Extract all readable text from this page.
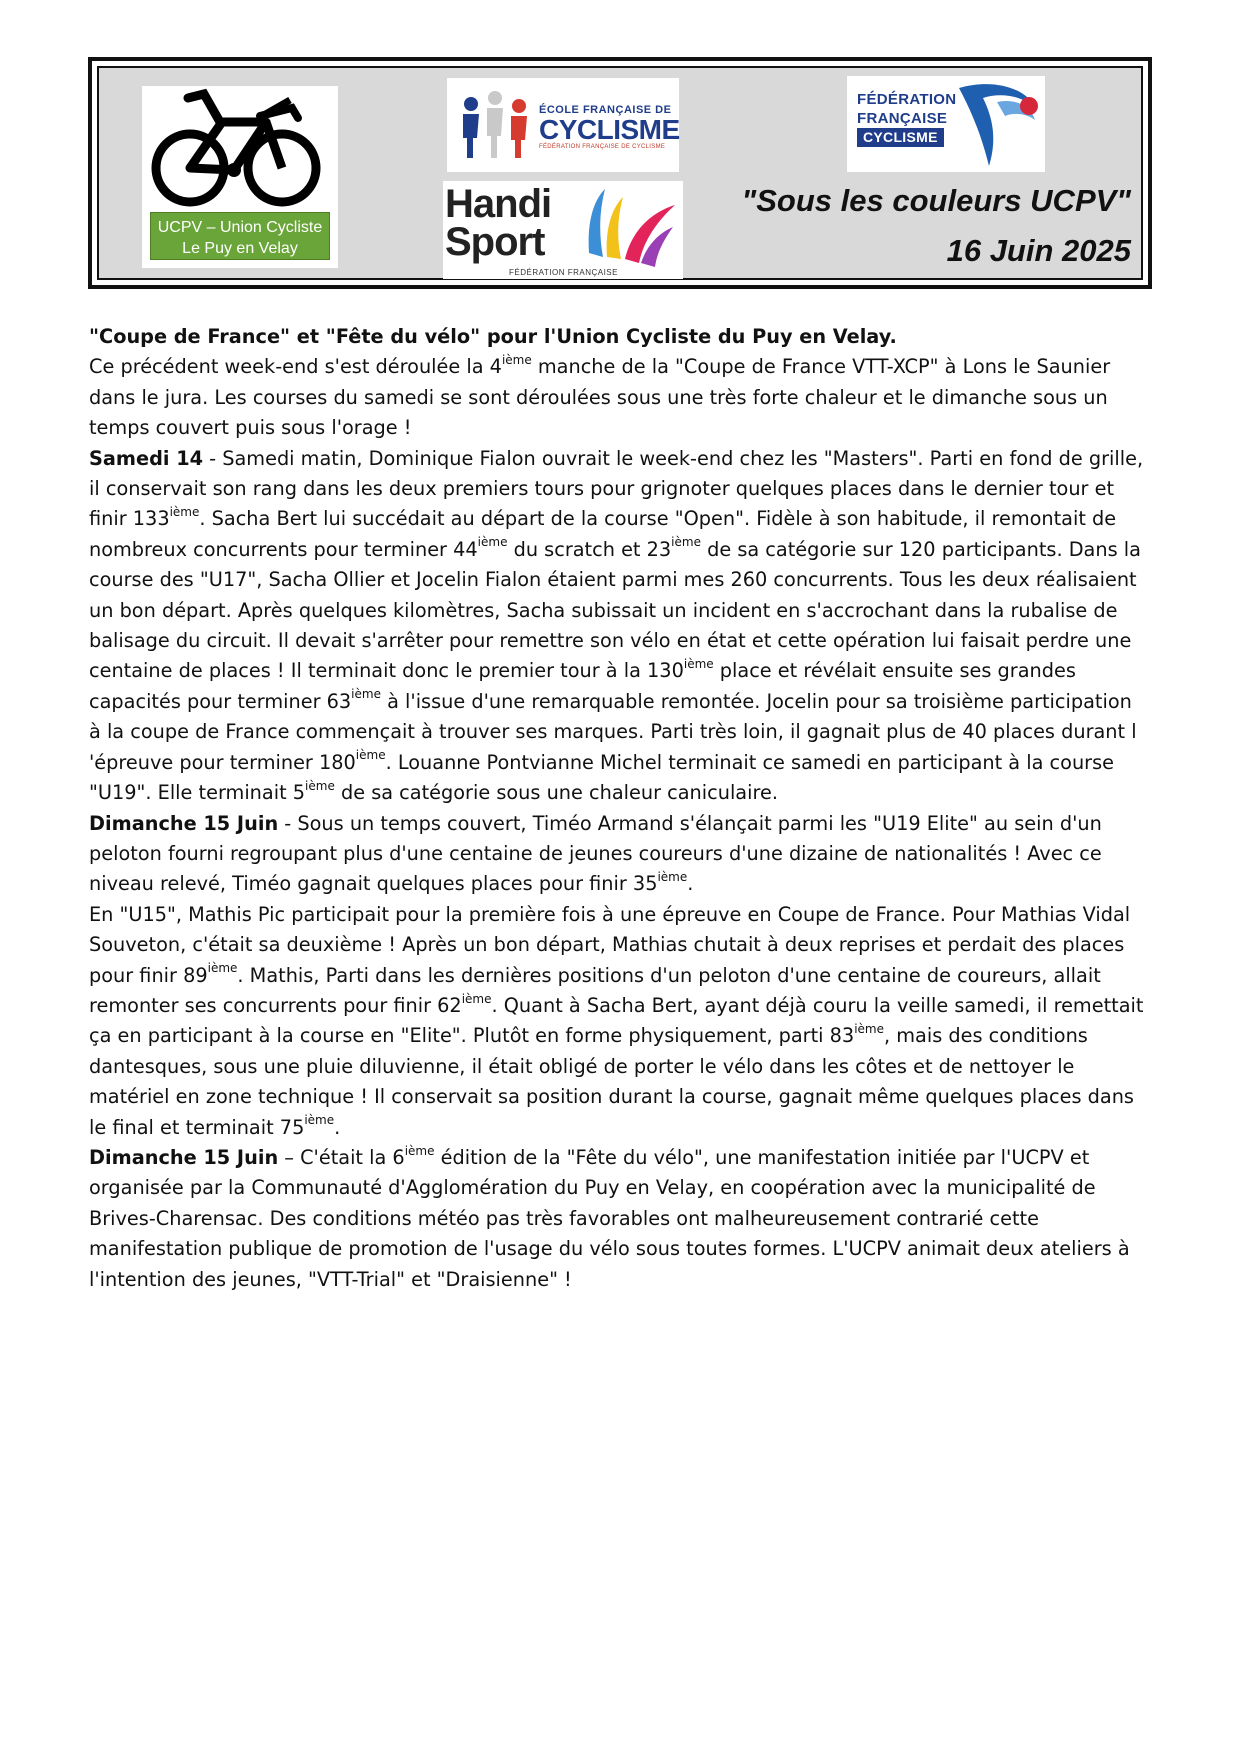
UCPV – Union Cycliste
Le Puy en Velay
ÉCOLE FRANÇAISE DE
CYCLISME
FÉDÉRATION FRANÇAISE DE CYCLISME
Handi
Sport
FÉDÉRATION FRANÇAISE
FÉDÉRATION
FRANÇAISE
CYCLISME
"Sous les couleurs UCPV"
16 Juin 2025

"Coupe de France" et "Fête du vélo" pour l'Union Cycliste du Puy en Velay.

Ce précédent week-end s'est déroulée la 4ième manche de la "Coupe de France VTT-XCP" à Lons le Saunier dans le jura. Les courses du samedi se sont déroulées sous une très forte chaleur et le dimanche sous un temps couvert puis sous l'orage !

Samedi 14 - Samedi matin, Dominique Fialon ouvrait le week-end chez les "Masters". Parti en fond de grille, il conservait son rang dans les deux premiers tours pour grignoter quelques places dans le dernier tour et finir 133ième. Sacha Bert lui succédait au départ de la course "Open". Fidèle à son habitude, il remontait de nombreux concurrents pour terminer 44ième du scratch et 23ième de sa catégorie sur 120 participants. Dans la course des "U17", Sacha Ollier et Jocelin Fialon étaient parmi mes 260 concurrents. Tous les deux réalisaient un bon départ. Après quelques kilomètres, Sacha subissait un incident en s'accrochant dans la rubalise de balisage du circuit. Il devait s'arrêter pour remettre son vélo en état et cette opération lui faisait perdre une centaine de places ! Il terminait donc le premier tour à la 130ième place et révélait ensuite ses grandes capacités pour terminer 63ième à l'issue d'une remarquable remontée. Jocelin pour sa troisième participation à la coupe de France commençait à trouver ses marques. Parti très loin, il gagnait plus de 40 places durant l 'épreuve pour terminer 180ième. Louanne Pontvianne Michel terminait ce samedi en participant à la course "U19". Elle terminait 5ième de sa catégorie sous une chaleur caniculaire.

Dimanche 15 Juin - Sous un temps couvert, Timéo Armand s'élançait parmi les "U19 Elite" au sein d'un peloton fourni regroupant plus d'une centaine de jeunes coureurs d'une dizaine de nationalités ! Avec ce niveau relevé, Timéo gagnait quelques places pour finir 35ième.

En "U15", Mathis Pic participait pour la première fois à une épreuve en Coupe de France. Pour Mathias Vidal Souveton, c'était sa deuxième ! Après un bon départ, Mathias chutait à deux reprises et perdait des places pour finir 89ième. Mathis, Parti dans les dernières positions d'un peloton d'une centaine de coureurs, allait remonter ses concurrents pour finir 62ième. Quant à Sacha Bert, ayant déjà couru la veille samedi, il remettait ça en participant à la course en "Elite". Plutôt en forme physiquement, parti 83ième, mais des conditions dantesques, sous une pluie diluvienne, il était obligé de porter le vélo dans les côtes et de nettoyer le matériel en zone technique ! Il conservait sa position durant la course, gagnait même quelques places dans le final et terminait 75ième.

Dimanche 15 Juin – C'était la 6ième édition de la "Fête du vélo", une manifestation initiée par l'UCPV et organisée par la Communauté d'Agglomération du Puy en Velay, en coopération avec la municipalité de Brives-Charensac. Des conditions météo pas très favorables ont malheureusement contrarié cette manifestation publique de promotion de l'usage du vélo sous toutes formes. L'UCPV animait deux ateliers à l'intention des jeunes, "VTT-Trial" et "Draisienne" !
